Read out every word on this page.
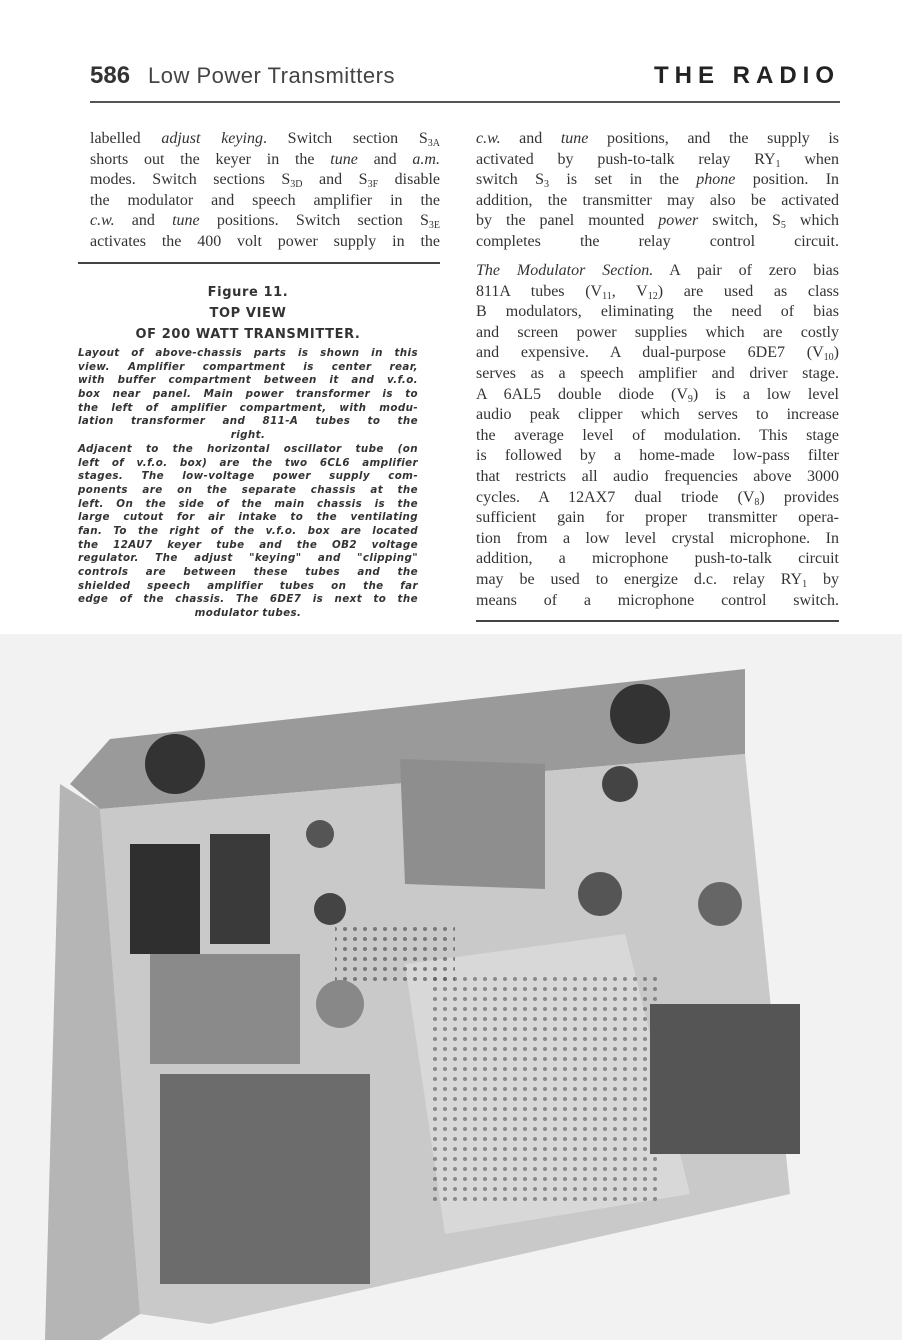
586 Low Power Transmitters	THE RADIO
labelled adjust keying. Switch section S3A
shorts out the keyer in the tune and a.m.
modes. Switch sections S3D and S3F disable
the modulator and speech amplifier in the
c.w. and tune positions. Switch section S3E
activates the 400 volt power supply in the
Figure 11.
TOP VIEW
OF 200 WATT TRANSMITTER.
Layout of above-chassis parts is shown in this
view. Amplifier compartment is center rear,
with buffer compartment between it and v.f.o.
box near panel. Main power transformer is to
the left of amplifier compartment, with modu-
lation transformer and 811-A tubes to the
right.
Adjacent to the horizontal oscillator tube (on
left of v.f.o. box) are the two 6CL6 amplifier
stages. The low-voltage power supply com-
ponents are on the separate chassis at the
left. On the side of the main chassis is the
large cutout for air intake to the ventilating
fan. To the right of the v.f.o. box are located
the 12AU7 keyer tube and the OB2 voltage
regulator. The adjust "keying" and "clipping"
controls are between these tubes and the
shielded speech amplifier tubes on the far
edge of the chassis. The 6DE7 is next to the
modulator tubes.
c.w. and tune positions, and the supply is
activated by push-to-talk relay RY1 when
switch S3 is set in the phone position. In
addition, the transmitter may also be activated
by the panel mounted power switch, S5 which
completes the relay control circuit.
The Modulator Section. A pair of zero bias
811A tubes (V11, V12) are used as class
B modulators, eliminating the need of bias
and screen power supplies which are costly
and expensive. A dual-purpose 6DE7 (V10)
serves as a speech amplifier and driver stage.
A 6AL5 double diode (V9) is a low level
audio peak clipper which serves to increase
the average level of modulation. This stage
is followed by a home-made low-pass filter
that restricts all audio frequencies above 3000
cycles. A 12AX7 dual triode (V8) provides
sufficient gain for proper transmitter opera-
tion from a low level crystal microphone. In
addition, a microphone push-to-talk circuit
may be used to energize d.c. relay RY1 by
means of a microphone control switch.
